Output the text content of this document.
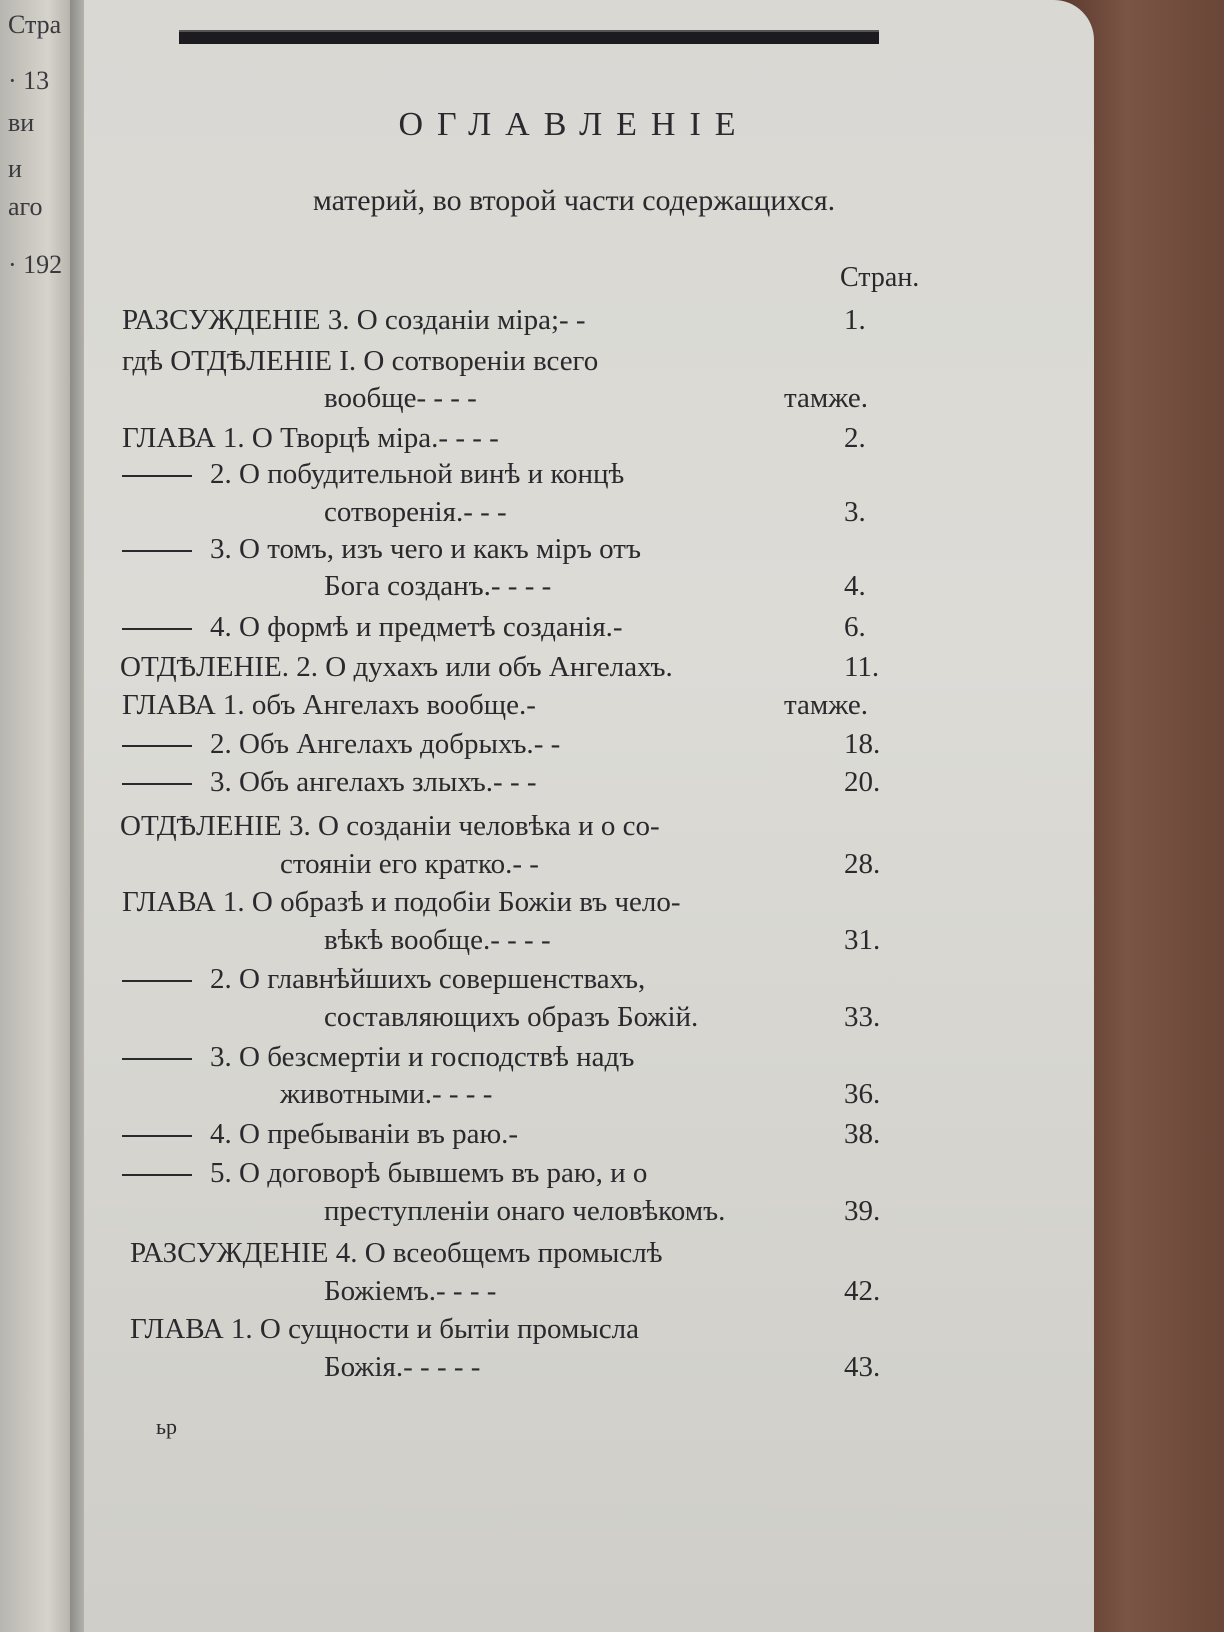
Стра
· 13
ви
и
аго
· 192
ОГЛАВЛЕНІЕ
материй, во второй части содержащихся.
Стран.
РАЗСУЖДЕНІЕ 3. О созданіи міра;- -	1.
гдѣ ОТДѢЛЕНІЕ I. О сотвореніи всего
вообще- - - -	тамже.
ГЛАВА 1. О Творцѣ міра.- - - -	2.
2. О побудительной винѣ и концѣ
сотворенія.- - -	3.
3. О томъ, изъ чего и какъ міръ отъ
Бога созданъ.- - - -	4.
4. О формѣ и предметѣ созданія.-	6.
ОТДѢЛЕНІЕ. 2. О духахъ или объ Ангелахъ.	11.
ГЛАВА 1. объ Ангелахъ вообще.-	тамже.
2. Объ Ангелахъ добрыхъ.- -	18.
3. Объ ангелахъ злыхъ.- - -	20.
ОТДѢЛЕНІЕ 3. О созданіи человѣка и о со-
стояніи его кратко.- -	28.
ГЛАВА 1. О образѣ и подобіи Божіи въ чело-
вѣкѣ вообще.- - - -	31.
2. О главнѣйшихъ совершенствахъ,
составляющихъ образъ Божій.	33.
3. О безсмертіи и господствѣ надъ
животными.- - - -	36.
4. О пребываніи въ раю.-	38.
5. О договорѣ бывшемъ въ раю, и о
преступленіи онаго человѣкомъ.	39.
РАЗСУЖДЕНІЕ 4. О всеобщемъ промыслѣ
Божіемъ.- - - -	42.
ГЛАВА 1. О сущности и бытіи промысла
Божія.- - - - -	43.
ьр
